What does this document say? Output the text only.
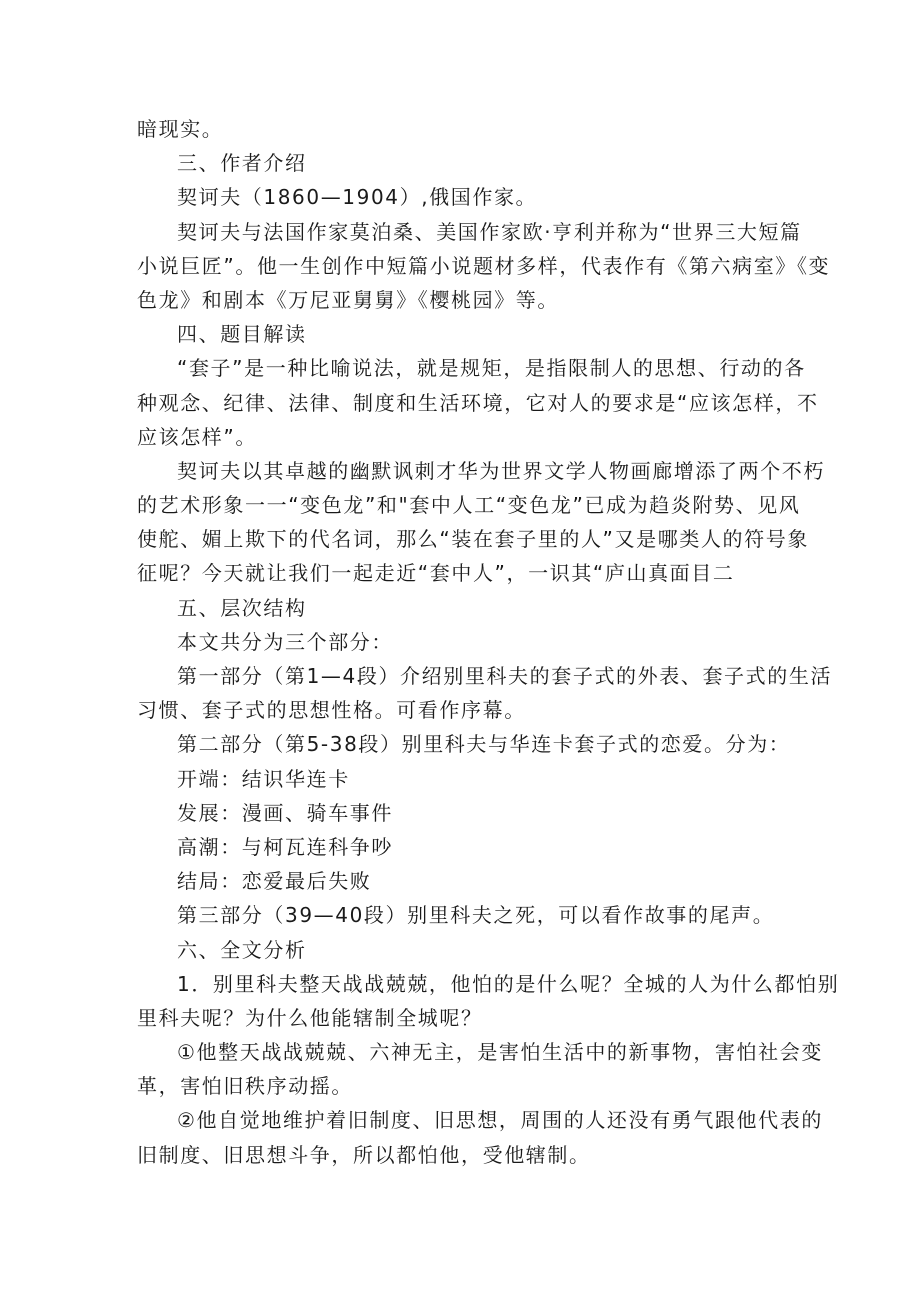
暗现实。
三、作者介绍
契诃夫（1860—1904）,俄国作家。
契诃夫与法国作家莫泊桑、美国作家欧·亨利并称为“世界三大短篇
小说巨匠”。他一生创作中短篇小说题材多样，代表作有《第六病室》《变
色龙》和剧本《万尼亚舅舅》《樱桃园》等。
四、题目解读
“套子”是一种比喻说法，就是规矩，是指限制人的思想、行动的各
种观念、纪律、法律、制度和生活环境，它对人的要求是“应该怎样，不
应该怎样”。
契诃夫以其卓越的幽默讽刺才华为世界文学人物画廊增添了两个不朽
的艺术形象一一“变色龙”和"套中人工“变色龙”已成为趋炎附势、见风
使舵、媚上欺下的代名词，那么“装在套子里的人”又是哪类人的符号象
征呢？今天就让我们一起走近“套中人”，一识其“庐山真面目二
五、层次结构
本文共分为三个部分：
第一部分（第1—4段）介绍别里科夫的套子式的外表、套子式的生活
习惯、套子式的思想性格。可看作序幕。
第二部分（第5-38段）别里科夫与华连卡套子式的恋爱。分为：
开端：结识华连卡
发展：漫画、骑车事件
高潮：与柯瓦连科争吵
结局：恋爱最后失败
第三部分（39—40段）别里科夫之死，可以看作故事的尾声。
六、全文分析
1．别里科夫整天战战兢兢，他怕的是什么呢？全城的人为什么都怕别
里科夫呢？为什么他能辖制全城呢？
①他整天战战兢兢、六神无主，是害怕生活中的新事物，害怕社会变
革，害怕旧秩序动摇。
②他自觉地维护着旧制度、旧思想，周围的人还没有勇气跟他代表的
旧制度、旧思想斗争，所以都怕他，受他辖制。
